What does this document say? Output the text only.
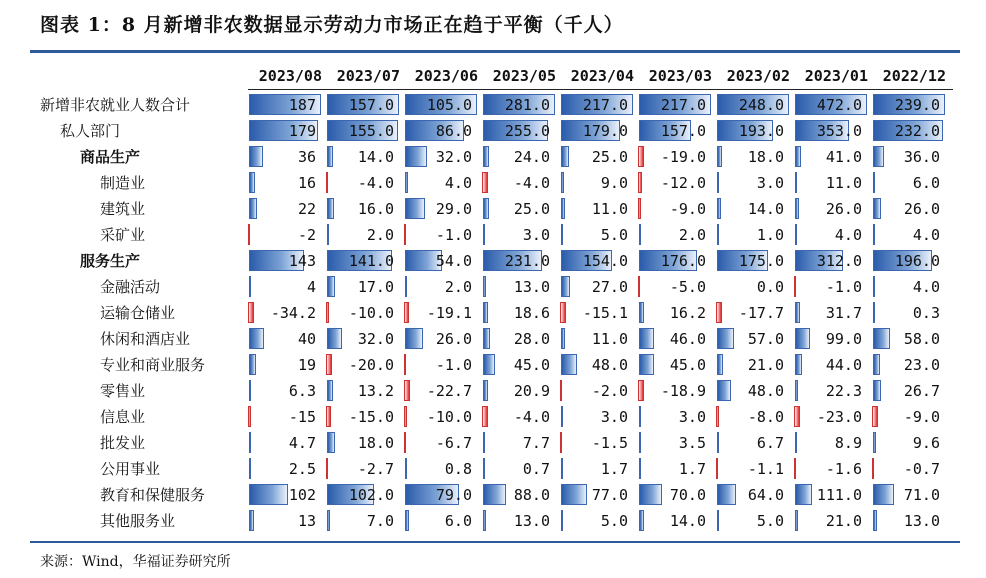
图表 1：8 月新增非农数据显示劳动力市场正在趋于平衡（千人）
2023/08 2023/07 2023/06 2023/05 2023/04 2023/03 2023/02 2023/01 2022/12
新增非农就业人数合计	187 157.0 105.0 281.0 217.0 217.0 248.0 472.0 239.0
私人部门	179 155.0	86.0 255.0 179.0 157.0 193.0 353.0 232.0
商品生产	36	14.0	32.0	24.0	25.0 -19.0	18.0	41.0	36.0
制造业	16	-4.0	4.0	-4.0	9.0 -12.0	3.0	11.0	6.0
建筑业	22	16.0	29.0	25.0	11.0	-9.0	14.0	26.0	26.0
采矿业	-2	2.0	-1.0	3.0	5.0	2.0	1.0	4.0	4.0
服务生产	143 141.0	54.0 231.0 154.0 176.0 175.0 312.0 196.0
金融活动	4	17.0	2.0	13.0	27.0	-5.0	0.0	-1.0	4.0
运输仓储业	-34.2 -10.0 -19.1	18.6 -15.1	16.2 -17.7	31.7	0.3
休闲和酒店业	40	32.0	26.0	28.0	11.0	46.0	57.0	99.0	58.0
专业和商业服务	19 -20.0	-1.0	45.0	48.0	45.0	21.0	44.0	23.0
零售业	6.3	13.2 -22.7	20.9	-2.0 -18.9	48.0	22.3	26.7
信息业	-15 -15.0 -10.0	-4.0	3.0	3.0	-8.0 -23.0	-9.0
批发业	4.7	18.0	-6.7	7.7	-1.5	3.5	6.7	8.9	9.6
公用事业	2.5	-2.7	0.8	0.7	1.7	1.7	-1.1	-1.6	-0.7
教育和保健服务	102 102.0	79.0	88.0	77.0	70.0	64.0 111.0	71.0
其他服务业	13	7.0	6.0	13.0	5.0	14.0	5.0	21.0	13.0
来源：Wind，华福证券研究所
